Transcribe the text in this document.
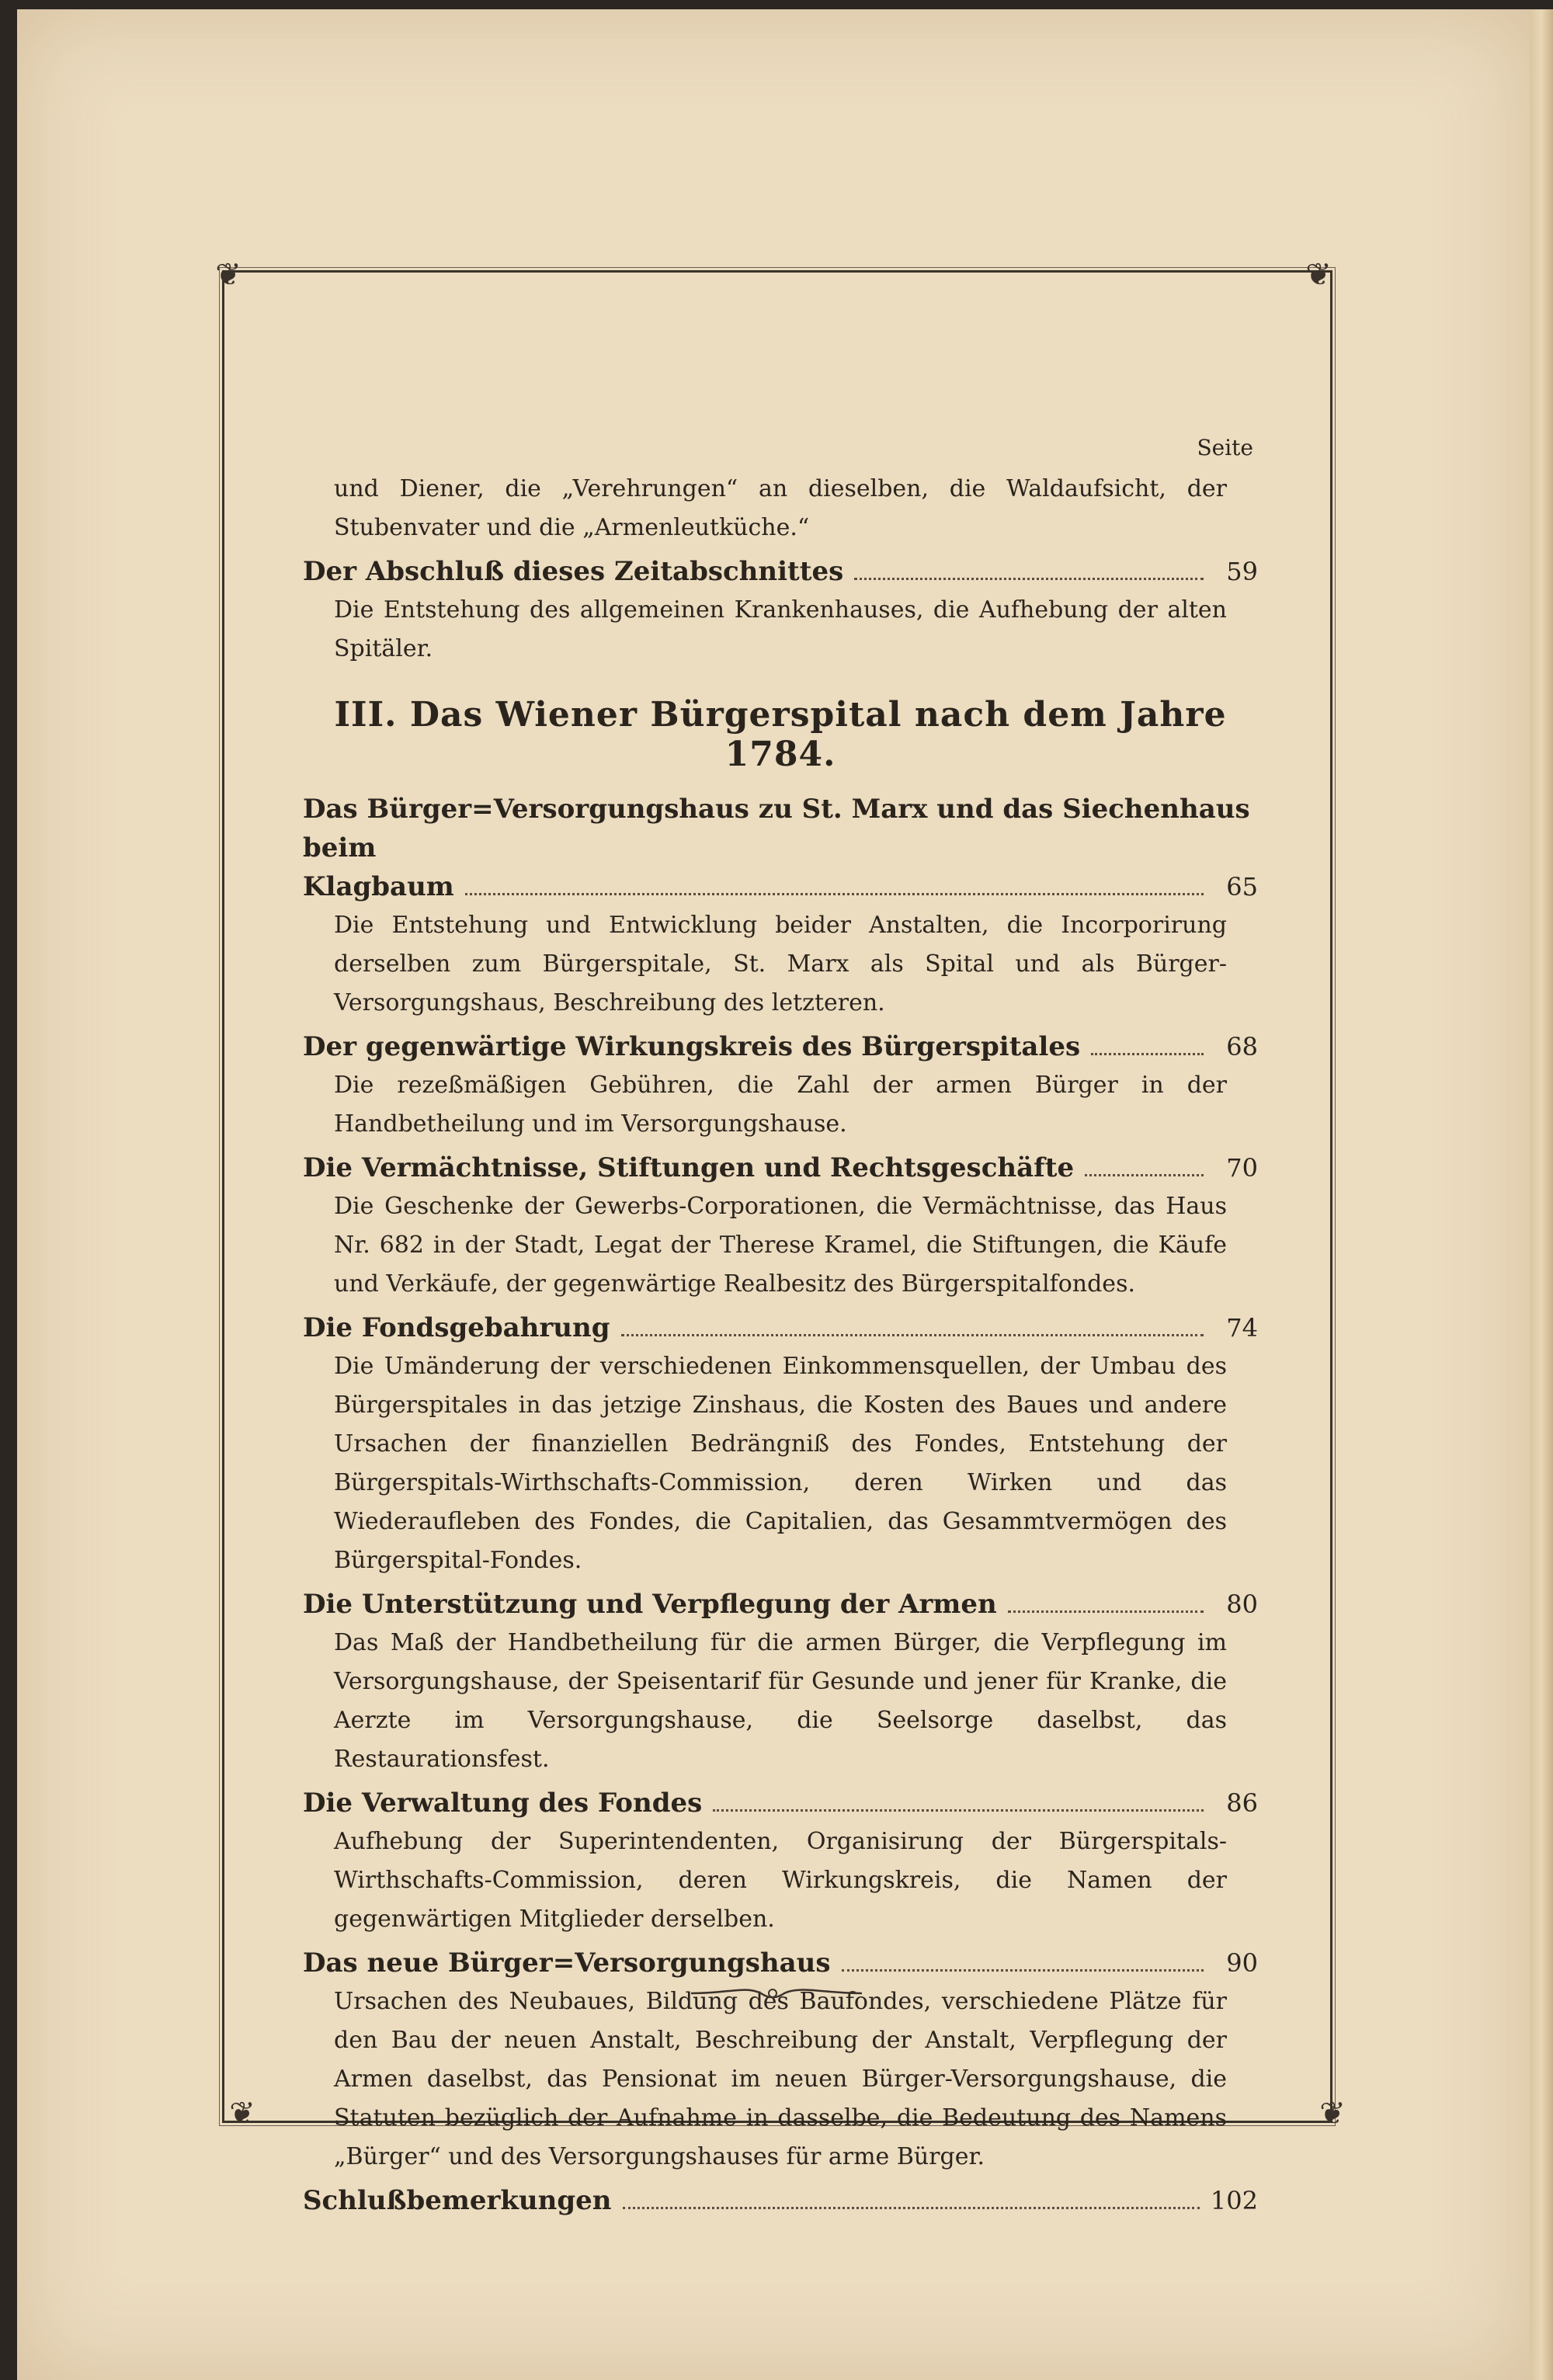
❦	❦
❦	❦
Seite
und Diener, die „Verehrungen“ an dieselben, die Waldaufsicht, der Stubenvater und die „Armenleutküche.“
Der Abschluß dieses Zeitabschnittes	59
Die Entstehung des allgemeinen Krankenhauses, die Aufhebung der alten Spitäler.
III. Das Wiener Bürgerspital nach dem Jahre 1784.
Das Bürger=Versorgungshaus zu St. Marx und das Siechenhaus beim
Klagbaum	65
Die Entstehung und Entwicklung beider Anstalten, die Incorporirung derselben zum Bürgerspitale, St. Marx als Spital und als Bürger-Versorgungshaus, Beschreibung des letzteren.
Der gegenwärtige Wirkungskreis des Bürgerspitales	68
Die rezeßmäßigen Gebühren, die Zahl der armen Bürger in der Handbetheilung und im Versorgungshause.
Die Vermächtnisse, Stiftungen und Rechtsgeschäfte	70
Die Geschenke der Gewerbs-Corporationen, die Vermächtnisse, das Haus Nr. 682 in der Stadt, Legat der Therese Kramel, die Stiftungen, die Käufe und Verkäufe, der gegenwärtige Realbesitz des Bürgerspitalfondes.
Die Fondsgebahrung	74
Die Umänderung der verschiedenen Einkommensquellen, der Umbau des Bürgerspitales in das jetzige Zinshaus, die Kosten des Baues und andere Ursachen der finanziellen Bedrängniß des Fondes, Entstehung der Bürgerspitals-Wirthschafts-Commission, deren Wirken und das Wiederaufleben des Fondes, die Capitalien, das Gesammtvermögen des Bürgerspital-Fondes.
Die Unterstützung und Verpflegung der Armen	80
Das Maß der Handbetheilung für die armen Bürger, die Verpflegung im Versorgungshause, der Speisentarif für Gesunde und jener für Kranke, die Aerzte im Versorgungshause, die Seelsorge daselbst, das Restaurationsfest.
Die Verwaltung des Fondes	86
Aufhebung der Superintendenten, Organisirung der Bürgerspitals-Wirthschafts-Commission, deren Wirkungskreis, die Namen der gegenwärtigen Mitglieder derselben.
Das neue Bürger=Versorgungshaus	90
Ursachen des Neubaues, Bildung des Baufondes, verschiedene Plätze für den Bau der neuen Anstalt, Beschreibung der Anstalt, Verpflegung der Armen daselbst, das Pensionat im neuen Bürger-Versorgungshause, die Statuten bezüglich der Aufnahme in dasselbe, die Bedeutung des Namens „Bürger“ und des Versorgungshauses für arme Bürger.
Schlußbemerkungen	102
